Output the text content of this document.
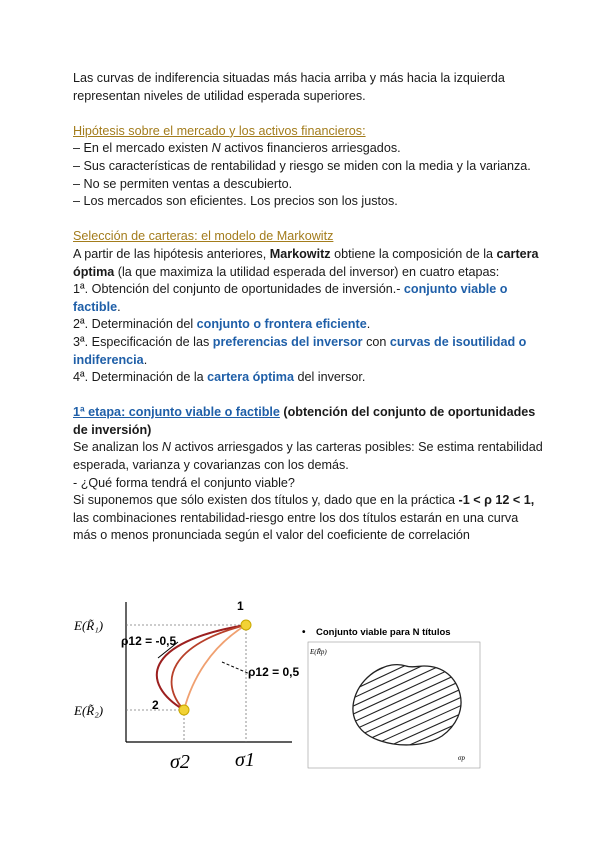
Las curvas de indiferencia situadas más hacia arriba y más hacia la izquierda representan niveles de utilidad esperada superiores.

Hipótesis sobre el mercado y los activos financieros:

– En el mercado existen N activos financieros arriesgados.

– Sus características de rentabilidad y riesgo se miden con la media y la varianza.

– No se permiten ventas a descubierto.

– Los mercados son eficientes. Los precios son los justos.

Selección de carteras: el modelo de Markowitz

A partir de las hipótesis anteriores, Markowitz obtiene la composición de la cartera óptima (la que maximiza la utilidad esperada del inversor) en cuatro etapas:

1ª. Obtención del conjunto de oportunidades de inversión.- conjunto viable o factible.

2ª. Determinación del conjunto o frontera eficiente.

3ª. Especificación de las preferencias del inversor con curvas de isoutilidad o indiferencia.

4ª. Determinación de la cartera óptima del inversor.

1ª etapa: conjunto viable o factible (obtención del conjunto de oportunidades de inversión)

Se analizan los N activos arriesgados y las carteras posibles: Se estima rentabilidad esperada, varianza y covarianzas con los demás.

- ¿Qué forma tendrá el conjunto viable?

Si suponemos que sólo existen dos títulos y, dado que en la práctica -1 < ρ 12 < 1, las combinaciones rentabilidad-riesgo entre los dos títulos estarán en una curva más o menos pronunciada según el valor del coeficiente de correlación

E(R̃₁)
E(R̃₂)
1
2
ρ12 = -0,5
ρ12 = 0,5
σ2 σ1
• Conjunto viable para N títulos
E(R̃p)
σp
